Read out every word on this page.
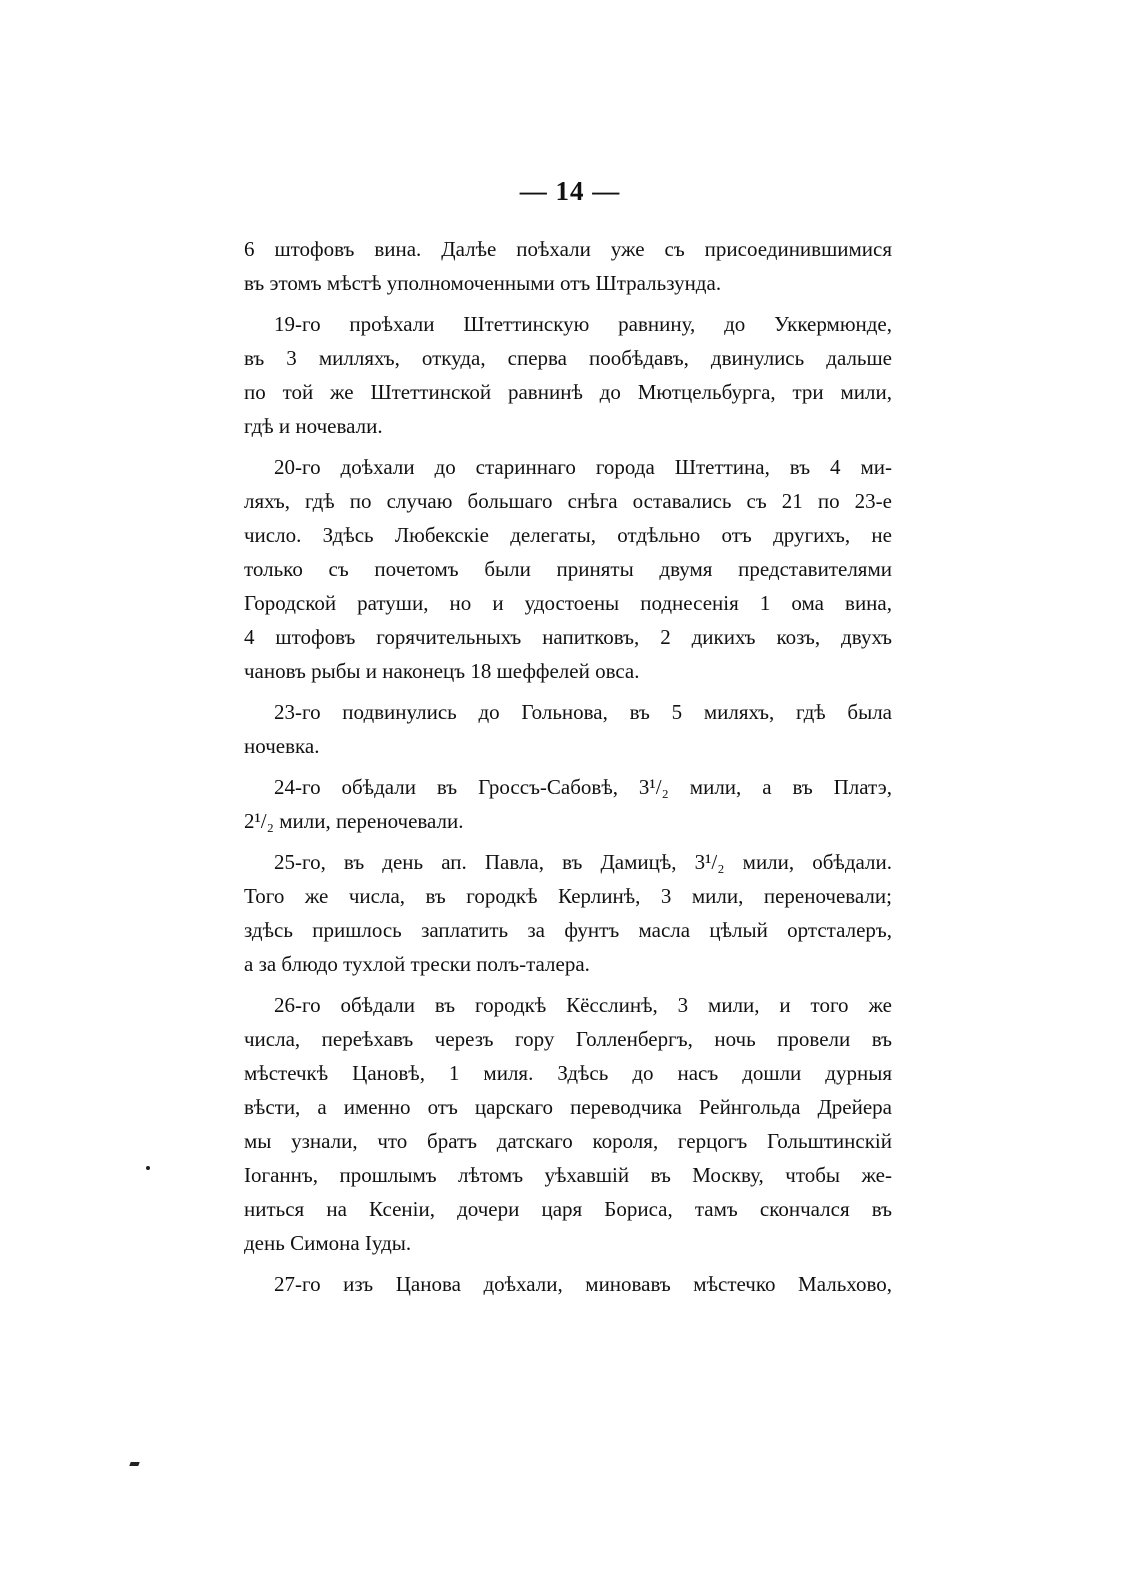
— 14 —
6 штофовъ вина. Далѣе поѣхали уже съ присоединившимися
въ этомъ мѣстѣ уполномоченными отъ Штральзунда.
19-го проѣхали Штеттинскую равнину, до Уккермюнде,
въ 3 милляхъ, откуда, сперва пообѣдавъ, двинулись дальше
по той же Штеттинской равнинѣ до Мютцельбурга, три мили,
гдѣ и ночевали.
20-го доѣхали до стариннаго города Штеттина, въ 4 ми-
ляхъ, гдѣ по случаю большаго снѣга оставались съ 21 по 23-е
число. Здѣсь Любекскіе делегаты, отдѣльно отъ другихъ, не
только съ почетомъ были приняты двумя представителями
Городской ратуши, но и удостоены поднесенія 1 ома вина,
4 штофовъ горячительныхъ напитковъ, 2 дикихъ козъ, двухъ
чановъ рыбы и наконецъ 18 шеффелей овса.
23-го подвинулись до Гольнова, въ 5 миляхъ, гдѣ была
ночевка.
24-го обѣдали въ Гроссъ-Сабовѣ, 3¹/₂ мили, а въ Платэ,
2¹/₂ мили, переночевали.
25-го, въ день ап. Павла, въ Дамицѣ, 3¹/₂ мили, обѣдали.
Того же числа, въ городкѣ Керлинѣ, 3 мили, переночевали;
здѣсь пришлось заплатить за фунтъ масла цѣлый ортсталеръ,
а за блюдо тухлой трески полъ-талера.
26-го обѣдали въ городкѣ Кёсслинѣ, 3 мили, и того же
числа, переѣхавъ черезъ гору Голленбергъ, ночь провели въ
мѣстечкѣ Цановѣ, 1 миля. Здѣсь до насъ дошли дурныя
вѣсти, а именно отъ царскаго переводчика Рейнгольда Дрейера
мы узнали, что братъ датскаго короля, герцогъ Гольштинскій
Іоганнъ, прошлымъ лѣтомъ уѣхавшій въ Москву, чтобы же-
ниться на Ксеніи, дочери царя Бориса, тамъ скончался въ
день Симона Іуды.
27-го изъ Цанова доѣхали, миновавъ мѣстечко Мальхово,
